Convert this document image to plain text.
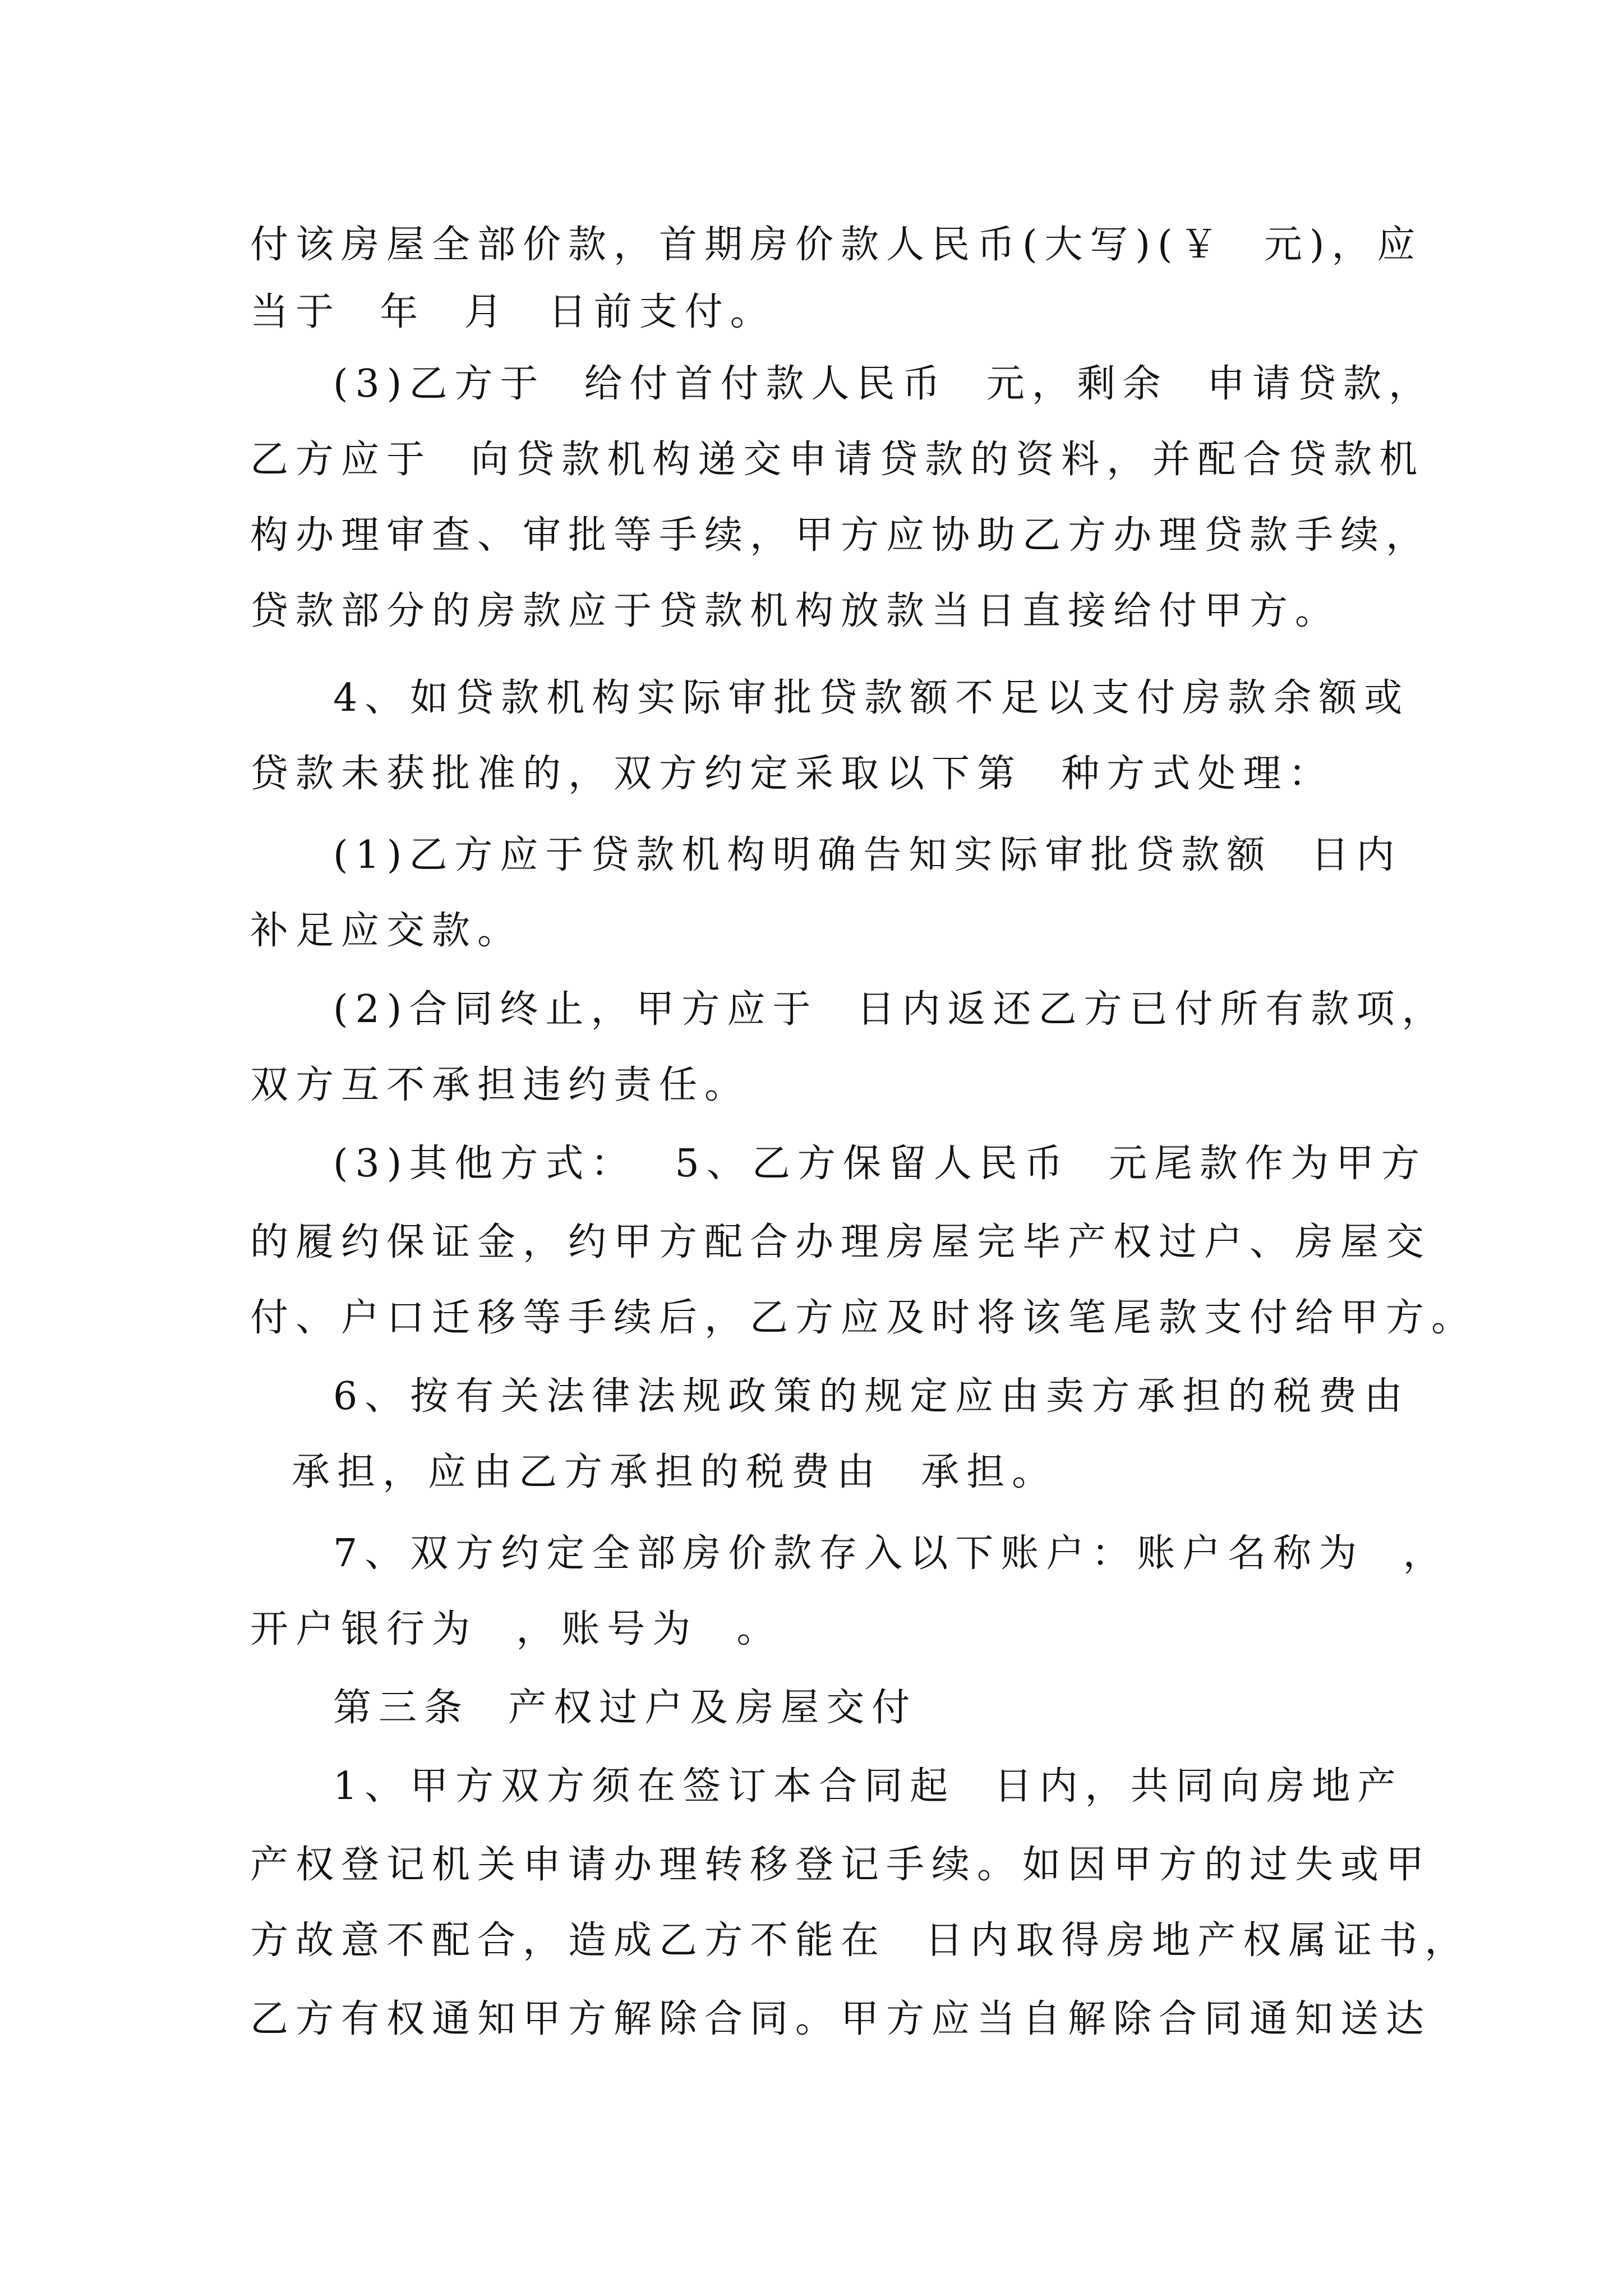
付该房屋全部价款，首期房价款人民币(大写)(￥  元)，应
当于  年  月  日前支付。
(3)乙方于  给付首付款人民币  元，剩余  申请贷款，
乙方应于  向贷款机构递交申请贷款的资料，并配合贷款机
构办理审查、审批等手续，甲方应协助乙方办理贷款手续，
贷款部分的房款应于贷款机构放款当日直接给付甲方。
4、如贷款机构实际审批贷款额不足以支付房款余额或
贷款未获批准的，双方约定采取以下第  种方式处理：
(1)乙方应于贷款机构明确告知实际审批贷款额  日内
补足应交款。
(2)合同终止，甲方应于  日内返还乙方已付所有款项，
双方互不承担违约责任。
(3)其他方式：  5、乙方保留人民币  元尾款作为甲方
的履约保证金，约甲方配合办理房屋完毕产权过户、房屋交
付、户口迁移等手续后，乙方应及时将该笔尾款支付给甲方。
6、按有关法律法规政策的规定应由卖方承担的税费由
承担，应由乙方承担的税费由  承担。
7、双方约定全部房价款存入以下账户：账户名称为  ，
开户银行为  ，账号为  。
第三条  产权过户及房屋交付
1、甲方双方须在签订本合同起  日内，共同向房地产
产权登记机关申请办理转移登记手续。如因甲方的过失或甲
方故意不配合，造成乙方不能在  日内取得房地产权属证书，
乙方有权通知甲方解除合同。甲方应当自解除合同通知送达
